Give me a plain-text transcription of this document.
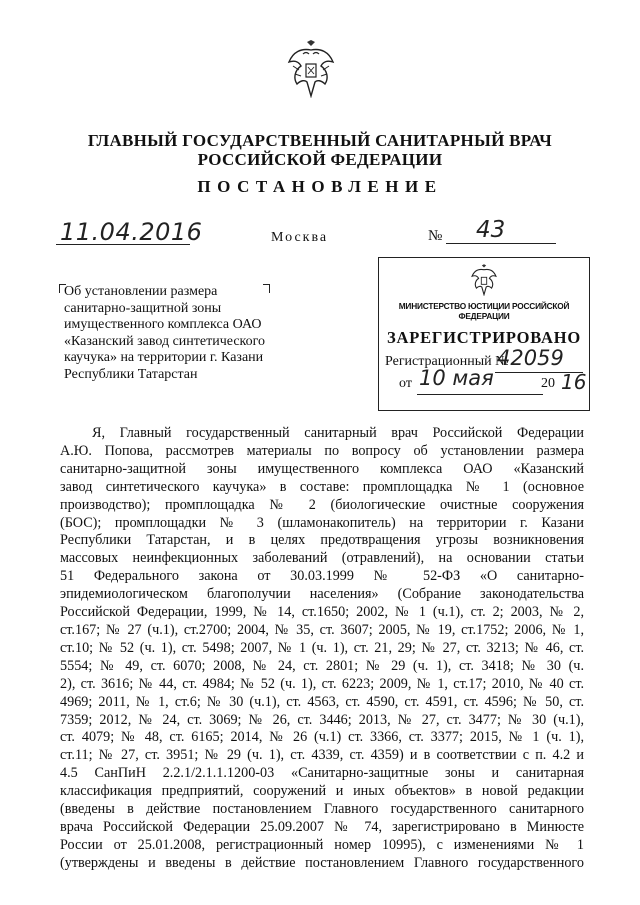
ГЛАВНЫЙ ГОСУДАРСТВЕННЫЙ САНИТАРНЫЙ ВРАЧ
РОССИЙСКОЙ ФЕДЕРАЦИИ
ПОСТАНОВЛЕНИЕ
11.04.2016	Москва	№ 43
Об установлении размера
санитарно-защитной зоны
имущественного комплекса ОАО
«Казанский завод синтетического
каучука» на территории г. Казани
Республики Татарстан
МИНИСТЕРСТВО ЮСТИЦИИ РОССИЙСКОЙ ФЕДЕРАЦИИ
ЗАРЕГИСТРИРОВАНО
Регистрационный №
42059
от 10 мая	20 16
Я, Главный государственный санитарный врач Российской Федерации
А.Ю. Попова, рассмотрев материалы по вопросу об установлении размера
санитарно-защитной зоны имущественного комплекса ОАО «Казанский
завод синтетического каучука» в составе: промплощадка № 1 (основное
производство); промплощадка № 2 (биологические очистные сооружения
(БОС); промплощадки № 3 (шламонакопитель) на территории г. Казани
Республики Татарстан, и в целях предотвращения угрозы возникновения
массовых неинфекционных заболеваний (отравлений), на основании статьи
51 Федерального закона от 30.03.1999 № 52-ФЗ «О санитарно-
эпидемиологическом благополучии населения» (Собрание законодательства
Российской Федерации, 1999, № 14, ст.1650; 2002, № 1 (ч.1), ст. 2; 2003, № 2,
ст.167; № 27 (ч.1), ст.2700; 2004, № 35, ст. 3607; 2005, № 19, ст.1752; 2006, № 1,
ст.10; № 52 (ч. 1), ст. 5498; 2007, № 1 (ч. 1), ст. 21, 29; № 27, ст. 3213; № 46, ст.
5554; № 49, ст. 6070; 2008, № 24, ст. 2801; № 29 (ч. 1), ст. 3418; № 30 (ч.
2), ст. 3616; № 44, ст. 4984; № 52 (ч. 1), ст. 6223; 2009, № 1, ст.17; 2010, № 40 ст.
4969; 2011, № 1, ст.6; № 30 (ч.1), ст. 4563, ст. 4590, ст. 4591, ст. 4596; № 50, ст.
7359; 2012, № 24, ст. 3069; № 26, ст. 3446; 2013, № 27, ст. 3477; № 30 (ч.1),
ст. 4079; № 48, ст. 6165; 2014, № 26 (ч.1) ст. 3366, ст. 3377; 2015, № 1 (ч. 1),
ст.11; № 27, ст. 3951; № 29 (ч. 1), ст. 4339, ст. 4359) и в соответствии с п. 4.2 и
4.5 СанПиН 2.2.1/2.1.1.1200-03 «Санитарно-защитные зоны и санитарная
классификация предприятий, сооружений и иных объектов» в новой редакции
(введены в действие постановлением Главного государственного санитарного
врача Российской Федерации 25.09.2007 № 74, зарегистрировано в Минюсте
России от 25.01.2008, регистрационный номер 10995), с изменениями № 1
(утверждены и введены в действие постановлением Главного государственного
